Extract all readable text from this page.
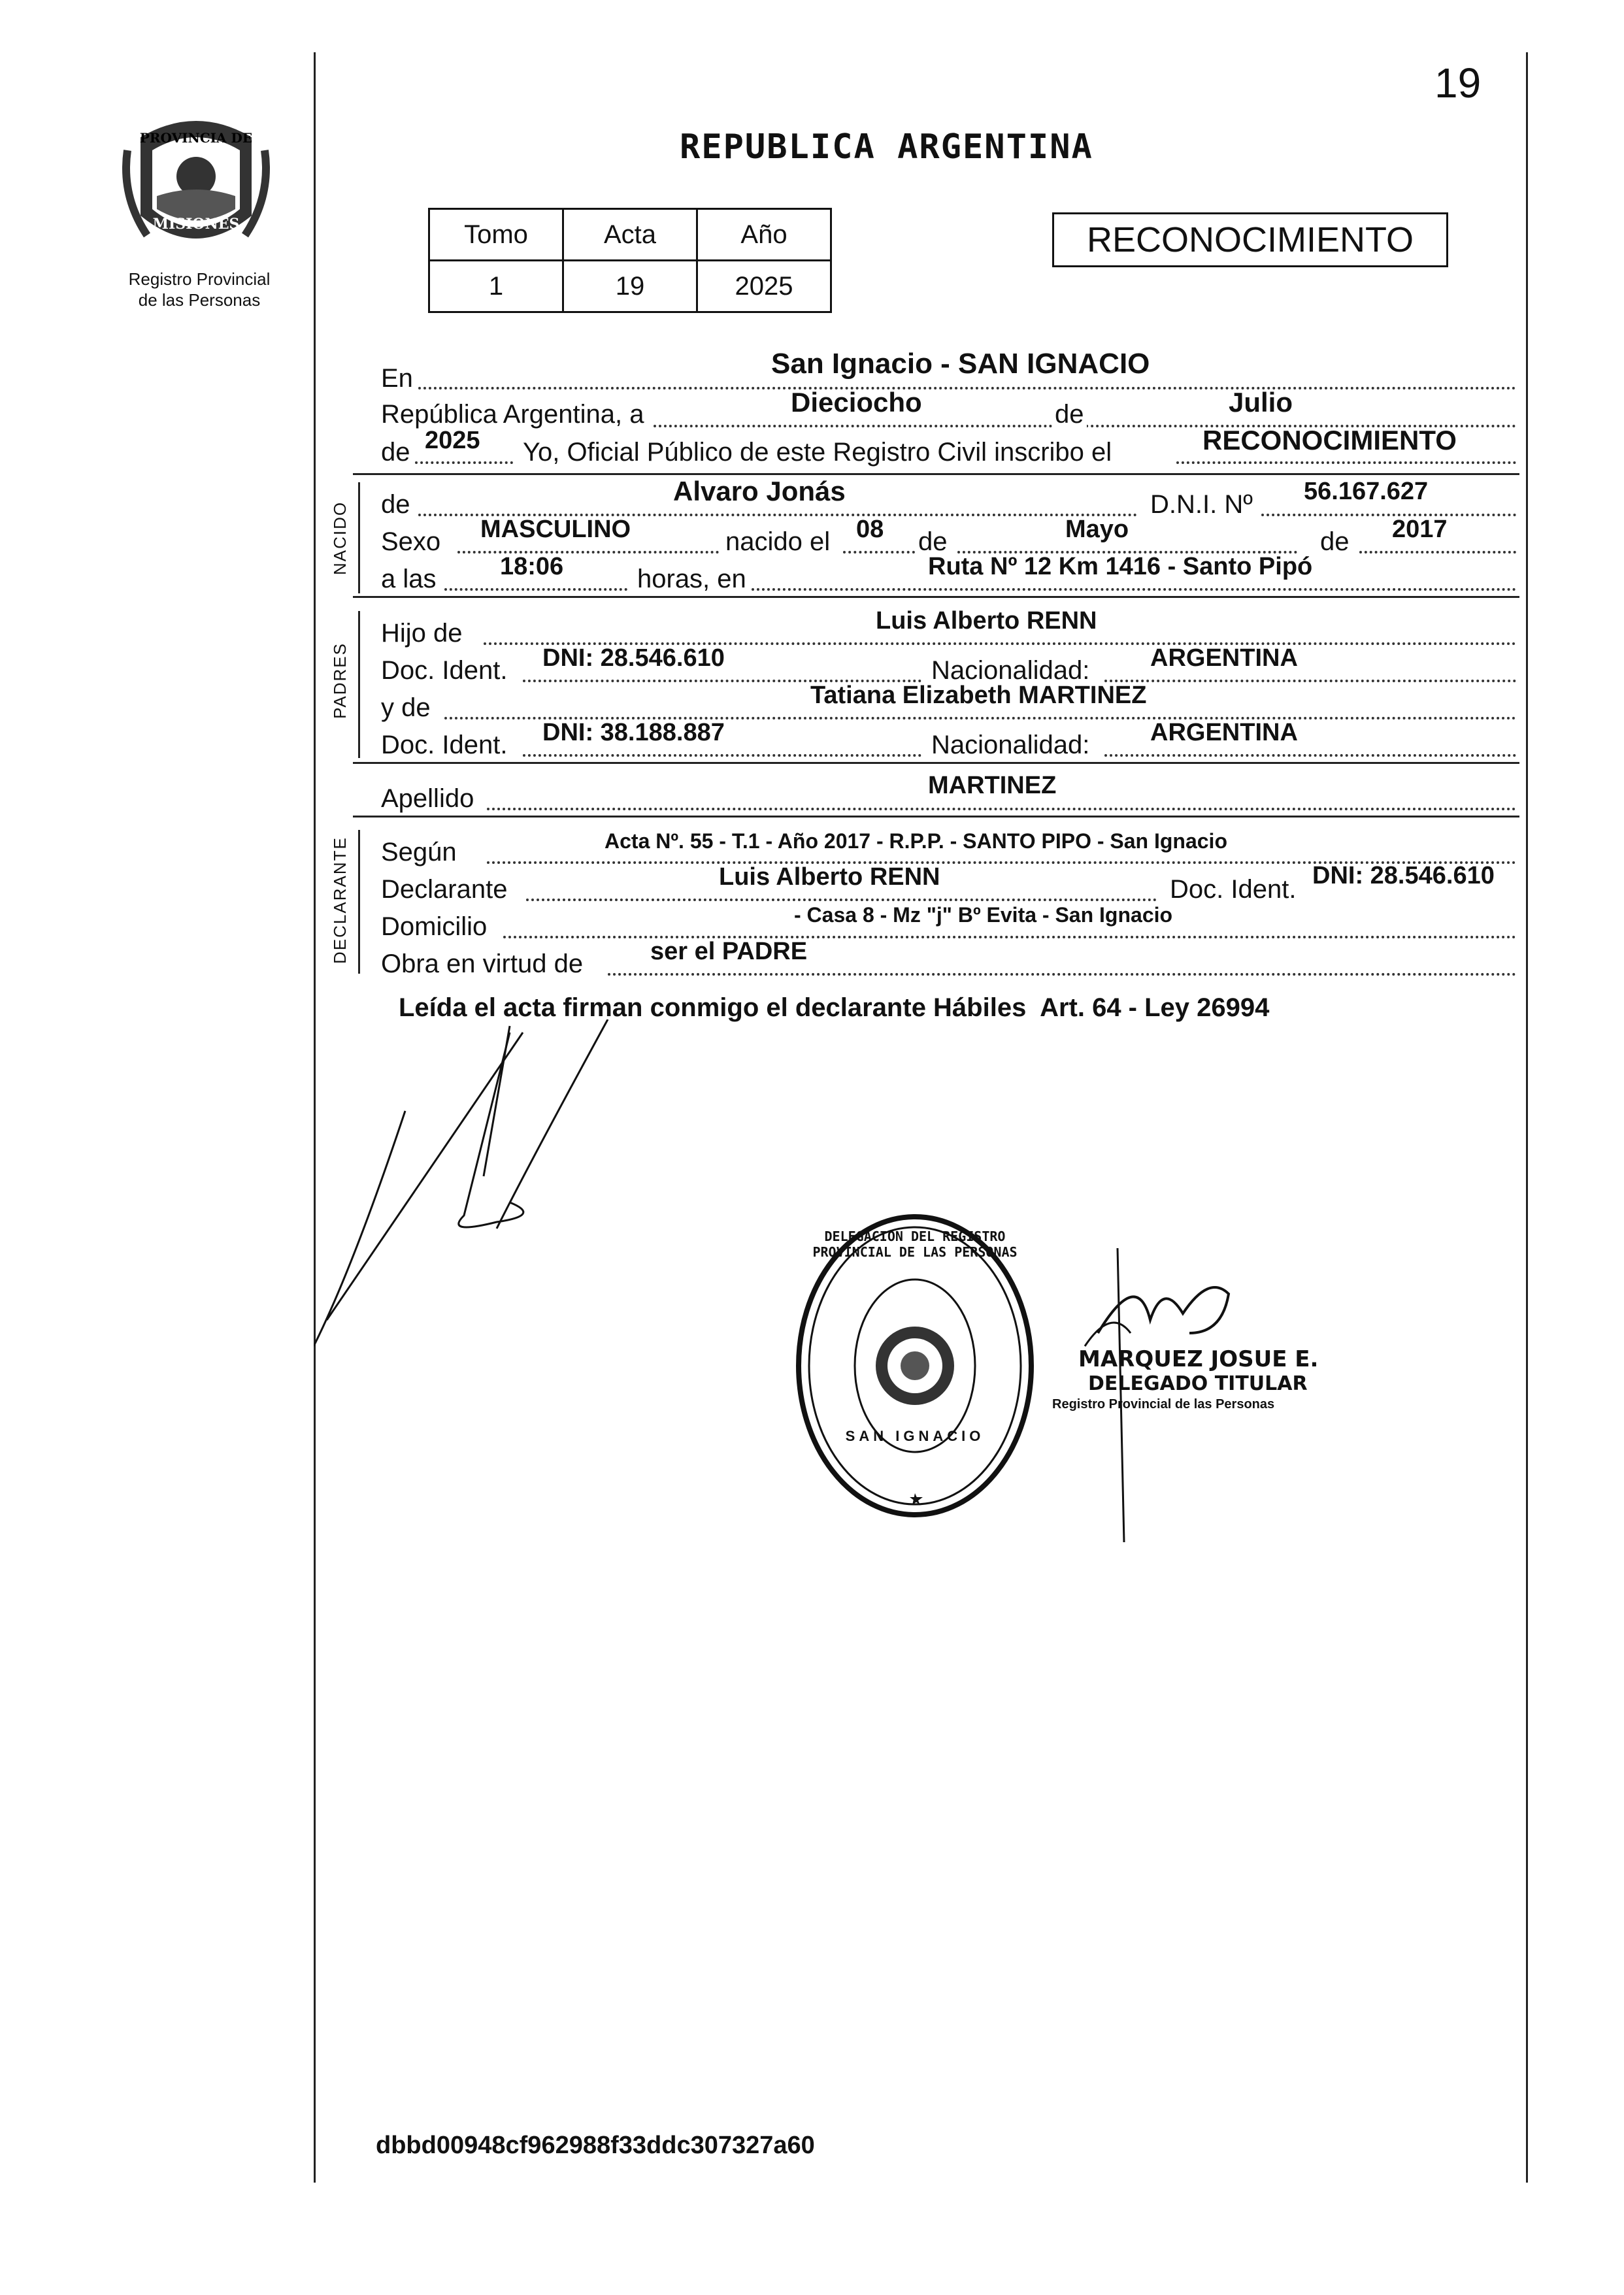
19
PROVINCIA DE
MISIONES
Registro Provincial
de las Personas
REPUBLICA ARGENTINA
Tomo	Acta	Año
1	19	2025
RECONOCIMIENTO
En	San Ignacio - SAN IGNACIO
República Argentina, a	Dieciocho	de	Julio
de 2025 Yo, Oficial Público de este Registro Civil inscribo el	RECONOCIMIENTO
NACIDO de	Alvaro Jonás	D.N.I. Nº 56.167.627
Sexo MASCULINO	nacido el 08 de	Mayo	de 2017
a las	18:06	horas, en	Ruta Nº 12 Km 1416 - Santo Pipó
PADRES
Hijo de	Luis Alberto RENN
Doc. Ident. DNI: 28.546.610	Nacionalidad: ARGENTINA
y de	Tatiana Elizabeth MARTINEZ
Doc. Ident. DNI: 38.188.887	Nacionalidad: ARGENTINA
Apellido	MARTINEZ
DECLARANTE Según	Acta Nº. 55 - T.1 - Año 2017 - R.P.P. - SANTO PIPO - San Ignacio
Declarante	Luis Alberto RENN	Doc. Ident. DNI: 28.546.610
Domicilio	- Casa 8 - Mz "j" Bº Evita - San Ignacio
Obra en virtud de	ser el PADRE
Leída el acta firman conmigo el declarante Hábiles  Art. 64 - Ley 26994
SAN IGNACIO
DELEGACION DEL REGISTRO PROVINCIAL DE LAS PERSONAS
MARQUEZ JOSUE E.
DELEGADO TITULAR
Registro Provincial de las Personas
dbbd00948cf962988f33ddc307327a60
